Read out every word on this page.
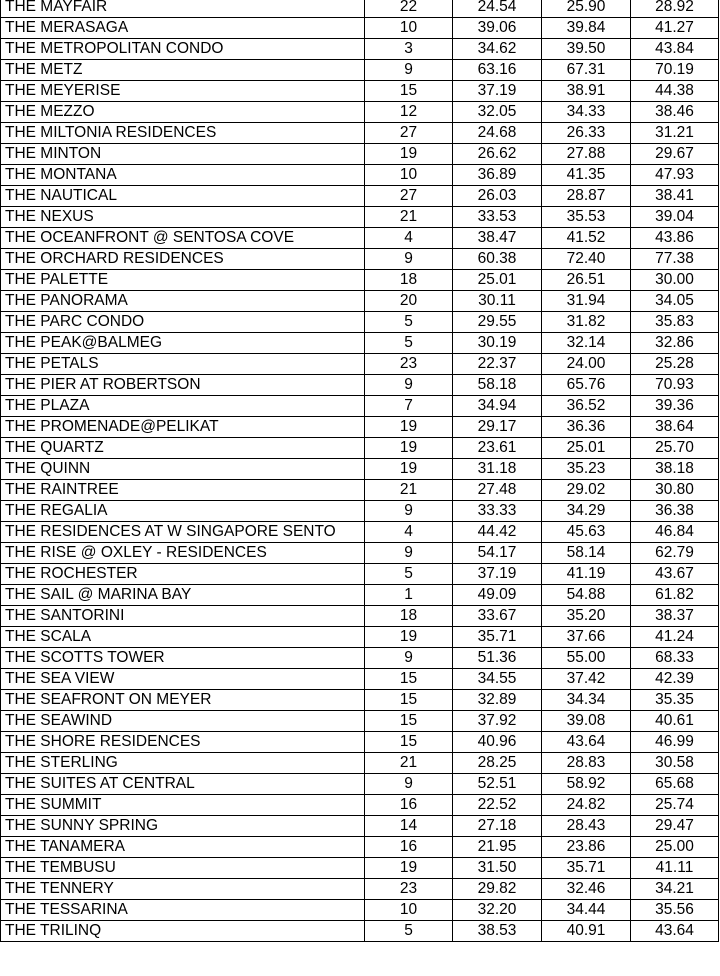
THE MAYFAIR	22	24.54	25.90	28.92
THE MERASAGA	10	39.06	39.84	41.27
THE METROPOLITAN CONDO	3	34.62	39.50	43.84
THE METZ	9	63.16	67.31	70.19
THE MEYERISE	15	37.19	38.91	44.38
THE MEZZO	12	32.05	34.33	38.46
THE MILTONIA RESIDENCES	27	24.68	26.33	31.21
THE MINTON	19	26.62	27.88	29.67
THE MONTANA	10	36.89	41.35	47.93
THE NAUTICAL	27	26.03	28.87	38.41
THE NEXUS	21	33.53	35.53	39.04
THE OCEANFRONT @ SENTOSA COVE	4	38.47	41.52	43.86
THE ORCHARD RESIDENCES	9	60.38	72.40	77.38
THE PALETTE	18	25.01	26.51	30.00
THE PANORAMA	20	30.11	31.94	34.05
THE PARC CONDO	5	29.55	31.82	35.83
THE PEAK@BALMEG	5	30.19	32.14	32.86
THE PETALS	23	22.37	24.00	25.28
THE PIER AT ROBERTSON	9	58.18	65.76	70.93
THE PLAZA	7	34.94	36.52	39.36
THE PROMENADE@PELIKAT	19	29.17	36.36	38.64
THE QUARTZ	19	23.61	25.01	25.70
THE QUINN	19	31.18	35.23	38.18
THE RAINTREE	21	27.48	29.02	30.80
THE REGALIA	9	33.33	34.29	36.38
THE RESIDENCES AT W SINGAPORE SENTO	4	44.42	45.63	46.84
THE RISE @ OXLEY - RESIDENCES	9	54.17	58.14	62.79
THE ROCHESTER	5	37.19	41.19	43.67
THE SAIL @ MARINA BAY	1	49.09	54.88	61.82
THE SANTORINI	18	33.67	35.20	38.37
THE SCALA	19	35.71	37.66	41.24
THE SCOTTS TOWER	9	51.36	55.00	68.33
THE SEA VIEW	15	34.55	37.42	42.39
THE SEAFRONT ON MEYER	15	32.89	34.34	35.35
THE SEAWIND	15	37.92	39.08	40.61
THE SHORE RESIDENCES	15	40.96	43.64	46.99
THE STERLING	21	28.25	28.83	30.58
THE SUITES AT CENTRAL	9	52.51	58.92	65.68
THE SUMMIT	16	22.52	24.82	25.74
THE SUNNY SPRING	14	27.18	28.43	29.47
THE TANAMERA	16	21.95	23.86	25.00
THE TEMBUSU	19	31.50	35.71	41.11
THE TENNERY	23	29.82	32.46	34.21
THE TESSARINA	10	32.20	34.44	35.56
THE TRILINQ	5	38.53	40.91	43.64
